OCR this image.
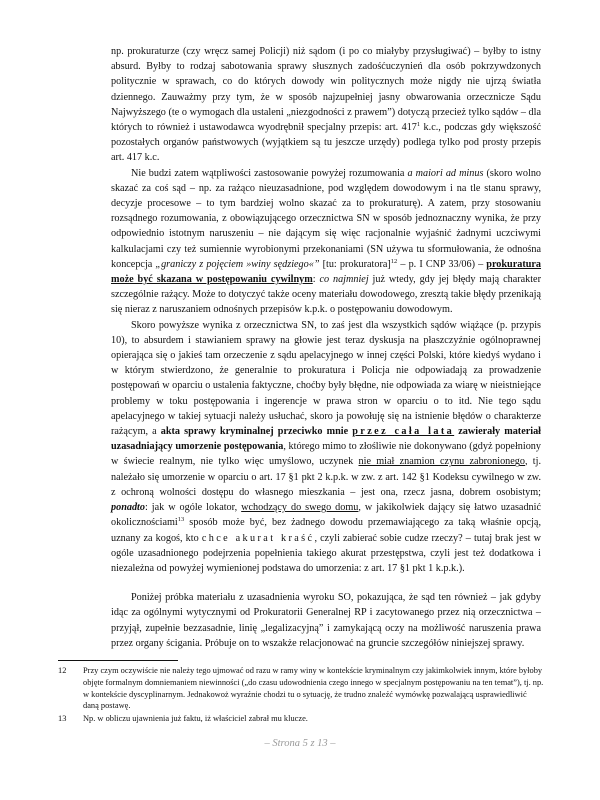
np. prokuraturze (czy wręcz samej Policji) niż sądom (i po co miałyby przysługiwać) – byłby to istny absurd. Byłby to rodzaj sabotowania sprawy słusznych zadośćuczynień dla osób pokrzywdzonych politycznie w sprawach, co do których dowody win politycznych może nigdy nie ujrzą światła dziennego. Zauważmy przy tym, że w sposób najzupełniej jasny obwarowania orzecznicze Sądu Najwyższego (te o wymogach dla ustaleni „niezgodności z prawem”) dotyczą przecież tylko sądów – dla których to również i ustawodawca wyodrębnił specjalny przepis: art. $417^1$ k.c., podczas gdy większość pozostałych organów państwowych (wyjątkiem są tu jeszcze urzędy) podlega tylko pod prosty przepis art. 417 k.c.

Nie budzi zatem wątpliwości zastosowanie powyżej rozumowania a maiori ad minus (skoro wolno skazać za coś sąd – np. za rażąco nieuzasadnione, pod względem dowodowym i na tle stanu sprawy, decyzje procesowe – to tym bardziej wolno skazać za to prokuraturę). A zatem, przy stosowaniu rozsądnego rozumowania, z obowiązującego orzecznictwa SN w sposób jednoznaczny wynika, że przy odpowiednio istotnym naruszeniu – nie dającym się więc racjonalnie wyjaśnić żadnymi uczciwymi kalkulacjami czy też sumiennie wyrobionymi przekonaniami (SN używa tu sformułowania, że odnośna koncepcja „graniczy z pojęciem »winy sędziego«” [tu: prokuratora]$^{12}$ – p. I CNP 33/06) – prokuratura może być skazana w postępowaniu cywilnym: co najmniej już wtedy, gdy jej błędy mają charakter szczególnie rażący. Może to dotyczyć także oceny materiału dowodowego, zresztą takie błędy przenikają się nieraz z naruszaniem odnośnych przepisów k.p.k. o postępowaniu dowodowym.

Skoro powyższe wynika z orzecznictwa SN, to zaś jest dla wszystkich sądów wiążące (p. przypis 10), to absurdem i stawianiem sprawy na głowie jest teraz dyskusja na płaszczyźnie ogólnoprawnej opierająca się o jakieś tam orzeczenie z sądu apelacyjnego w innej części Polski, które kiedyś wydano i w którym stwierdzono, że generalnie to prokuratura i Policja nie odpowiadają za prowadzenie postępowań w oparciu o ustalenia faktyczne, choćby były błędne, nie odpowiada za wiarę w nieistniejące problemy w toku postępowania i ingerencje w prawa stron w oparciu o to itd. Nie tego sądu apelacyjnego w takiej sytuacji należy usłuchać, skoro ja powołuję się na istnienie błędów o charakterze rażącym, a akta sprawy kryminalnej przeciwko mnie przez cała lata zawierały materiał uzasadniający umorzenie postępowania, którego mimo to złośliwie nie dokonywano (gdyż popełniony w świecie realnym, nie tylko więc umyślowo, uczynek nie miał znamion czynu zabronionego, tj. należało się umorzenie w oparciu o art. 17 §1 pkt 2 k.p.k. w zw. z art. 142 §1 Kodeksu cywilnego w zw. z ochroną wolności dostępu do własnego mieszkania – jest ona, rzecz jasna, dobrem osobistym; ponadto: jak w ogóle lokator, wchodzący do swego domu, w jakikolwiek dający się łatwo uzasadnić okolicznościami$^{13}$ sposób może być, bez żadnego dowodu przemawiającego za taką właśnie opcją, uznany za kogoś, kto chce akurat kraść, czyli zabierać sobie cudze rzeczy? – tutaj brak jest w ogóle uzasadnionego podejrzenia popełnienia takiego akurat przestępstwa, czyli jest też dodatkowa i niezależna od powyżej wymienionej podstawa do umorzenia: z art. 17 §1 pkt 1 k.p.k.).

Poniżej próbka materiału z uzasadnienia wyroku SO, pokazująca, że sąd ten również – jak gdyby idąc za ogólnymi wytycznymi od Prokuratorii Generalnej RP i zacytowanego przez nią orzecznictwa – przyjął, zupełnie bezzasadnie, linię „legalizacyjną” i zamykającą oczy na możliwość naruszenia prawa przez organy ścigania. Próbuje on to wszakże relacjonować na gruncie szczegółów niniejszej sprawy.

12	Przy czym oczywiście nie należy tego ujmować od razu w ramy winy w kontekście kryminalnym czy jakimkolwiek innym, które byłoby objęte formalnym domniemaniem niewinności („do czasu udowodnienia czego innego w specjalnym postępowaniu na ten temat”), tj. np. w kontekście dyscyplinarnym. Jednakowoż wyraźnie chodzi tu o sytuację, że trudno znaleźć wymówkę pozwalającą usprawiedliwić daną postawę.
13	Np. w obliczu ujawnienia już faktu, iż właściciel zabrał mu klucze.
– Strona 5 z 13 –
